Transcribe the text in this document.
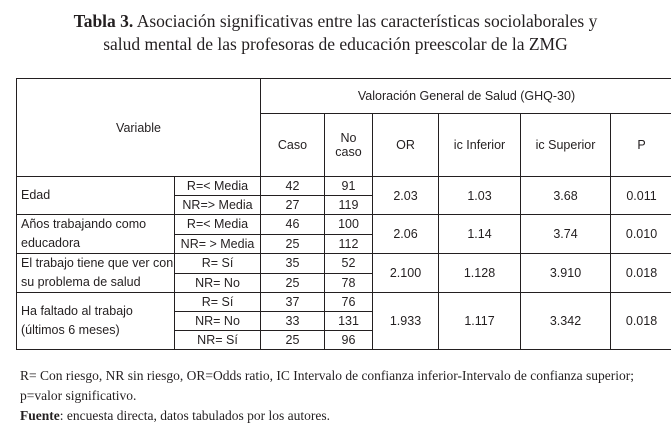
Tabla 3. Asociación significativas entre las características sociolaborales y
salud mental de las profesoras de educación preescolar de la ZMG
Variable		Valoración General de Salud (GHQ-30)					
		Caso	No
caso	OR	ic Inferior	ic Superior	P
Edad	R=< Media	42	91	2.03	1.03	3.68	0.011
	NR=> Media	27	119				
Años trabajando como
educadora	R=< Media	46	100	2.06	1.14	3.74	0.010
	NR= > Media	25	112				
El trabajo tiene que ver con
su problema de salud	R= Sí	35	52	2.100	1.128	3.910	0.018
	NR= No	25	78				
Ha faltado al trabajo
(últimos 6 meses)	R= Sí	37	76	1.933	1.117	3.342	0.018
	NR= No	33	131				
	NR= Sí	25	96				

R= Con riesgo, NR sin riesgo, OR=Odds ratio, IC Intervalo de confianza inferior-Intervalo de confianza superior; p=valor significativo.

Fuente: encuesta directa, datos tabulados por los autores.
